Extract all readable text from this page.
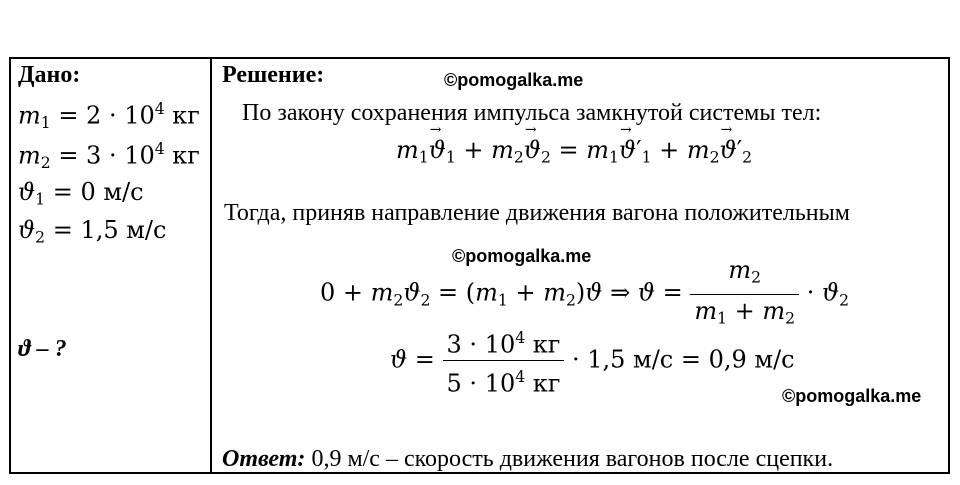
Дано:
$m_1 = 2 \cdot 10^4$ кг
$m_2 = 3 \cdot 10^4$ кг
$ϑ_1 = 0$ м/с
$ϑ_2 = 1,5$ м/с
ϑ – ?
Решение:	©pomogalka.me
По закону сохранения импульса замкнутой системы тел:
$m_1\to ϑ_1 + m_2\to ϑ_2 = m_1\to ϑ'_1 + m_2\to ϑ'_2$
Тогда, приняв направление движения вагона положительным
©pomogalka.me
$0 + m_2ϑ_2 = (m_1 + m_2)ϑ$ ⇒ $ϑ = \frac{m_2}{m_1 + m_2} \cdot ϑ_2$
$ϑ = \frac{3 \cdot 10^4 кг}{5 \cdot 10^4 кг} \cdot 1,5$ м/с = 0,9 м/с
©pomogalka.me
Ответ: 0,9 м/с – скорость движения вагонов после сцепки.
